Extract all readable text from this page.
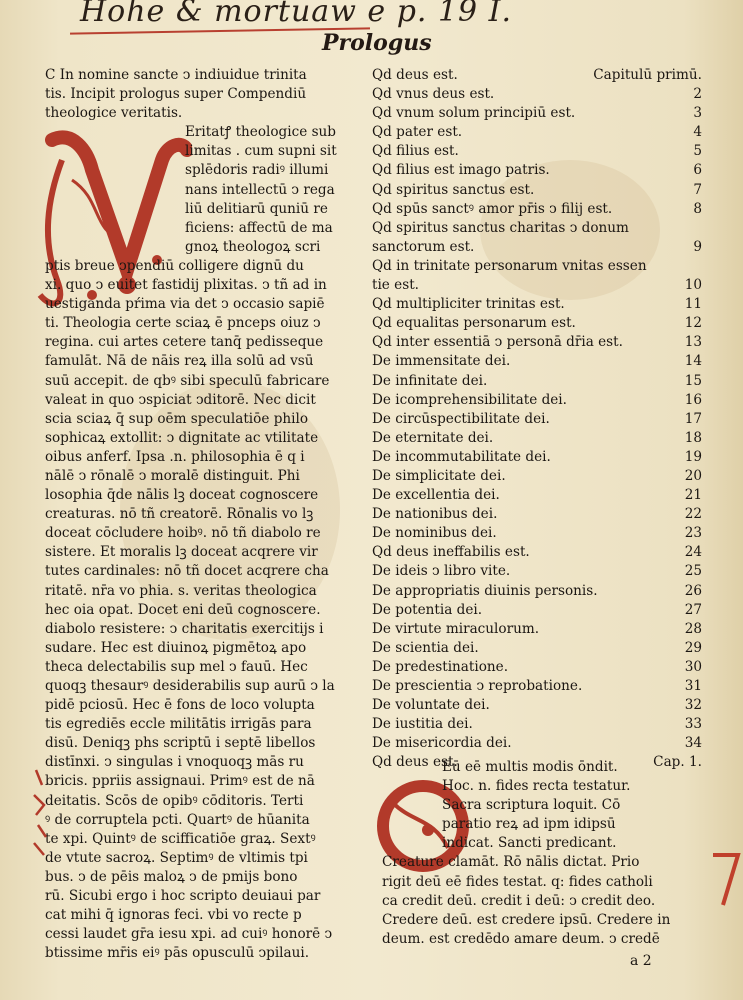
Hohe & mortuaw e p. 19 I.
Prologus
C In nomine sancte ↄ indiuidue trinita
tis. Incipit prologus super Compendiū
theologice veritatis.
Eritatꝭ theologice sub
limitas . cum supni sit
splēdoris radiꝰ illumi
nans intellectū ↄ rega
liū delitiarū quniū re
ficiens: affectū de ma
gnoꝝ theologoꝝ scri
ptis breue ↄpendiū colligere dignū du
xi. quo ↄ euitet fastidij plixitas. ↄ tñ ad in
uestiganda pŕima via det ↄ occasio sapiē
ti. Theologia certe sciaꝝ ē pnceps oiuz ↄ
regina. cui artes cetere tanq̄ pedisseque
famulāt. Nā de nāis reꝝ illa solū ad vsū
suū accepit. de qbꝰ sibi speculū fabricare
valeat in quo ↄspiciat ↄditorē. Nec dicit
scia sciaꝝ q̄ sup oēm speculatiōe philo
sophicaꝝ extollit: ↄ dignitate ac vtilitate
oibus anferf. Ipsa .n. philosophia ē q i
nālē ↄ rōnalē ↄ moralē distinguit. Phi
losophia q̄de nālis lꝫ doceat cognoscere
creaturas. nō tñ creatorē. Rōnalis vo lꝫ
doceat cōcludere hoibꝰ. nō tñ diabolo re
sistere. Et moralis lꝫ doceat acqrere vir
tutes cardinales: nō tñ docet acqrere cha
ritatē. nr̄a vo phia. s. veritas theologica
hec oia opat. Docet eni deū cognoscere.
diabolo resistere: ↄ charitatis exercitijs i
sudare. Hec est diuinoꝝ pigmētoꝝ apo
theca delectabilis sup mel ↄ fauū. Hec
quoqꝫ thesaurꝰ desiderabilis sup aurū ↄ la
pidē pciosū. Hec ē fons de loco volupta
tis egrediēs eccle militātis irrigās para
disū. Deniqꝫ phs scriptū i septē libellos
distīnxi. ↄ singulas i vnoquoqꝫ mās ru
bricis. ppriis assignaui. Primꝰ est de nā
deitatis. Scōs de opibꝰ cōditoris. Terti
ꝰ de corruptela pcti. Quartꝰ de hūanita
te xpi. Quintꝰ de scifficatiōe graꝝ. Sextꝰ
de vtute sacroꝝ. Septimꝰ de vltimis tpi
bus. ↄ de pēis maloꝝ ↄ de pmijs bono
rū. Sicubi ergo i hoc scripto deuiaui par
cat mihi q̄ ignoras feci. vbi vo recte p
cessi laudet gr̄a iesu xpi. ad cuiꝰ honorē ↄ
btissime mr̄is eiꝰ pās opusculū ↄpilaui.
Qd deus est.	Capitulū primū.
Qd vnus deus est.	2
Qd vnum solum principiū est.	3
Qd pater est.	4
Qd filius est.	5
Qd filius est imago patris.	6
Qd spiritus sanctus est.	7
Qd spūs sanctꝰ amor pr̄is ↄ filij est.	8
Qd spiritus sanctus charitas ↄ donum
sanctorum est.	9
Qd in trinitate personarum vnitas essen
tie est.	10
Qd multipliciter trinitas est.	11
Qd equalitas personarum est.	12
Qd inter essentiā ↄ personā dr̄ia est.	13
De immensitate dei.	14
De infinitate dei.	15
De icomprehensibilitate dei.	16
De circūspectibilitate dei.	17
De eternitate dei.	18
De incommutabilitate dei.	19
De simplicitate dei.	20
De excellentia dei.	21
De nationibus dei.	22
De nominibus dei.	23
Qd deus ineffabilis est.	24
De ideis ↄ libro vite.	25
De appropriatis diuinis personis.	26
De potentia dei.	27
De virtute miraculorum.	28
De scientia dei.	29
De predestinatione.	30
De prescientia ↄ reprobatione.	31
De voluntate dei.	32
De iustitia dei.	33
De misericordia dei.	34
Qd deus est.	Cap. 1.
Eū eē multis modis ōndit.
Hoc. n. fides recta testatur.
Sacra scriptura loquit. Cō
paratio reꝝ ad ipm idipsū
indicat. Sancti predicant.
Creature clamāt. Rō nālis dictat. Prio
rigit deū eē fides testat. q: fides catholi
ca credit deū. credit i deū: ↄ credit deo.
Credere deū. est credere ipsū. Credere in
deum. est credēdo amare deum. ↄ credē
a 2
